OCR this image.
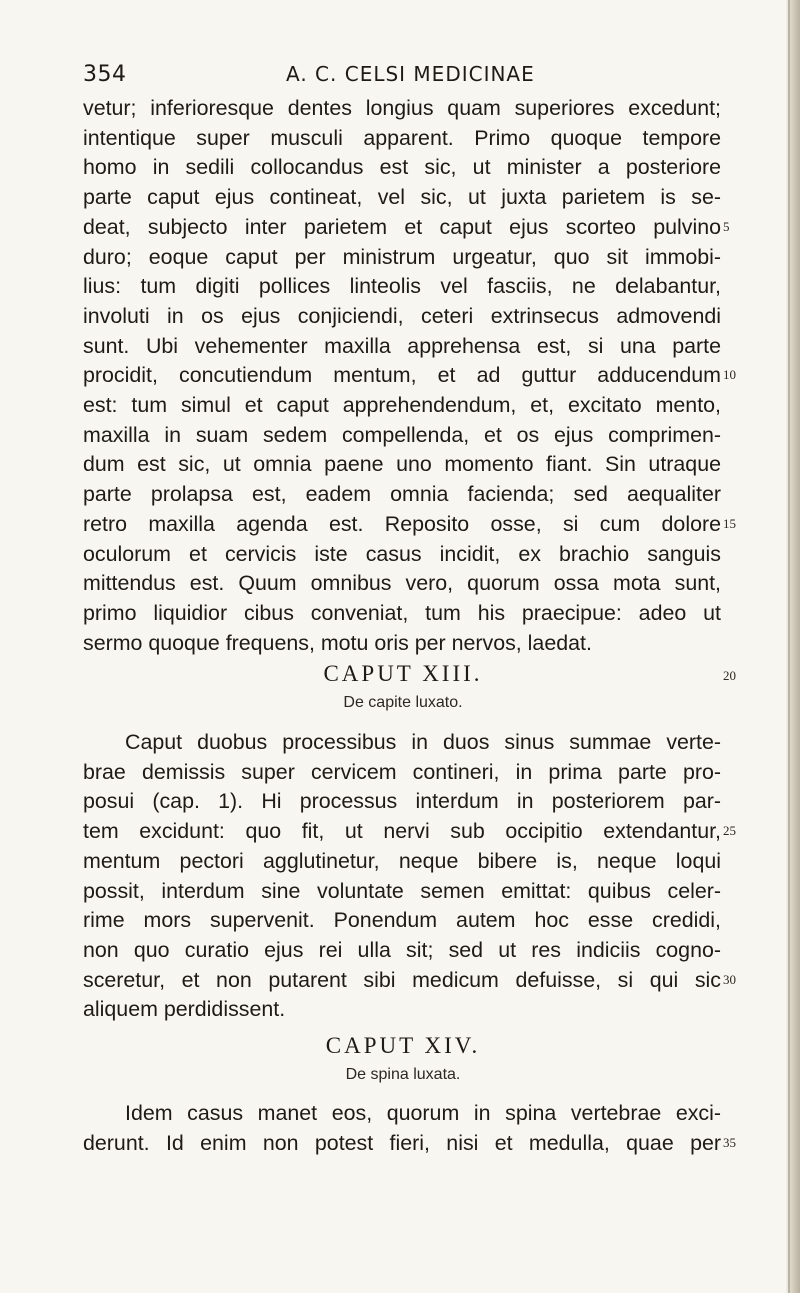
354	A. C. CELSI MEDICINAE
vetur; inferioresque dentes longius quam superiores excedunt;
intentique super musculi apparent. Primo quoque tempore
homo in sedili collocandus est sic, ut minister a posteriore
parte caput ejus contineat, vel sic, ut juxta parietem is se-
deat, subjecto inter parietem et caput ejus scorteo pulvino
duro; eoque caput per ministrum urgeatur, quo sit immobi-
lius: tum digiti pollices linteolis vel fasciis, ne delabantur,
involuti in os ejus conjiciendi, ceteri extrinsecus admovendi
sunt. Ubi vehementer maxilla apprehensa est, si una parte
procidit, concutiendum mentum, et ad guttur adducendum
est: tum simul et caput apprehendendum, et, excitato mento,
maxilla in suam sedem compellenda, et os ejus comprimen-
dum est sic, ut omnia paene uno momento fiant. Sin utraque
parte prolapsa est, eadem omnia facienda; sed aequaliter
retro maxilla agenda est. Reposito osse, si cum dolore
oculorum et cervicis iste casus incidit, ex brachio sanguis
mittendus est. Quum omnibus vero, quorum ossa mota sunt,
primo liquidior cibus conveniat, tum his praecipue: adeo ut
sermo quoque frequens, motu oris per nervos, laedat.
5
10
15
CAPUT XIII.	20
De capite luxato.
Caput duobus processibus in duos sinus summae verte-
brae demissis super cervicem contineri, in prima parte pro-
posui (cap. 1). Hi processus interdum in posteriorem par-
tem excidunt: quo fit, ut nervi sub occipitio extendantur,
mentum pectori agglutinetur, neque bibere is, neque loqui
possit, interdum sine voluntate semen emittat: quibus celer-
rime mors supervenit. Ponendum autem hoc esse credidi,
non quo curatio ejus rei ulla sit; sed ut res indiciis cogno-
sceretur, et non putarent sibi medicum defuisse, si qui sic
aliquem perdidissent.
25
30
CAPUT XIV.
De spina luxata.
Idem casus manet eos, quorum in spina vertebrae exci-
derunt. Id enim non potest fieri, nisi et medulla, quae per 35
